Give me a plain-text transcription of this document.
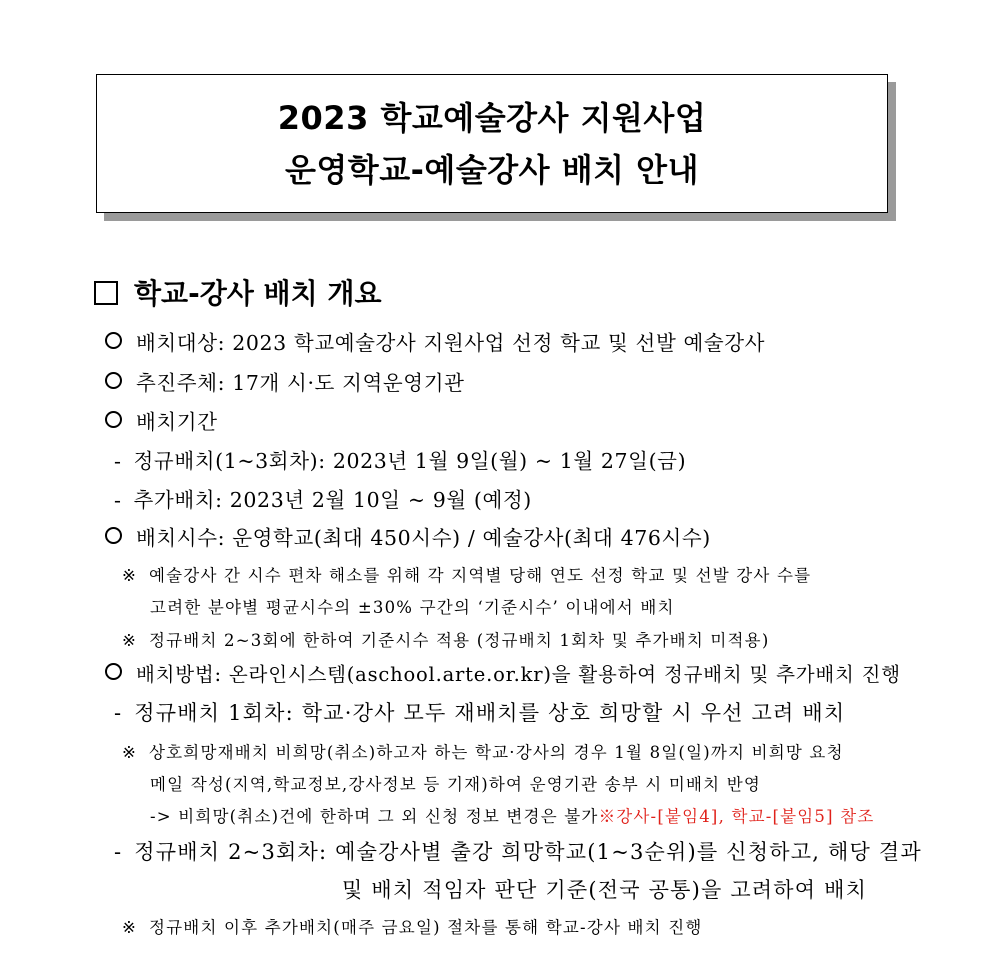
2023 학교예술강사 지원사업
운영학교-예술강사 배치 안내
학교-강사 배치 개요
배치대상: 2023 학교예술강사 지원사업 선정 학교 및 선발 예술강사
추진주체: 17개 시·도 지역운영기관
배치기간
- 정규배치(1~3회차): 2023년 1월 9일(월) ~ 1월 27일(금)
- 추가배치: 2023년 2월 10일 ~ 9월 (예정)
배치시수: 운영학교(최대 450시수) / 예술강사(최대 476시수)
※ 예술강사 간 시수 편차 해소를 위해 각 지역별 당해 연도 선정 학교 및 선발 강사 수를
고려한 분야별 평균시수의 ±30% 구간의 ‘기준시수’ 이내에서 배치
※ 정규배치 2~3회에 한하여 기준시수 적용 (정규배치 1회차 및 추가배치 미적용)
배치방법: 온라인시스템(aschool.arte.or.kr)을 활용하여 정규배치 및 추가배치 진행
- 정규배치 1회차: 학교·강사 모두 재배치를 상호 희망할 시 우선 고려 배치
※ 상호희망재배치 비희망(취소)하고자 하는 학교·강사의 경우 1월 8일(일)까지 비희망 요청
메일 작성(지역,학교정보,강사정보 등 기재)하여 운영기관 송부 시 미배치 반영
-> 비희망(취소)건에 한하며 그 외 신청 정보 변경은 불가 ※강사-[붙임4], 학교-[붙임5] 참조
- 정규배치 2~3회차: 예술강사별 출강 희망학교(1~3순위)를 신청하고, 해당 결과
및 배치 적임자 판단 기준(전국 공통)을 고려하여 배치
※ 정규배치 이후 추가배치(매주 금요일) 절차를 통해 학교-강사 배치 진행
